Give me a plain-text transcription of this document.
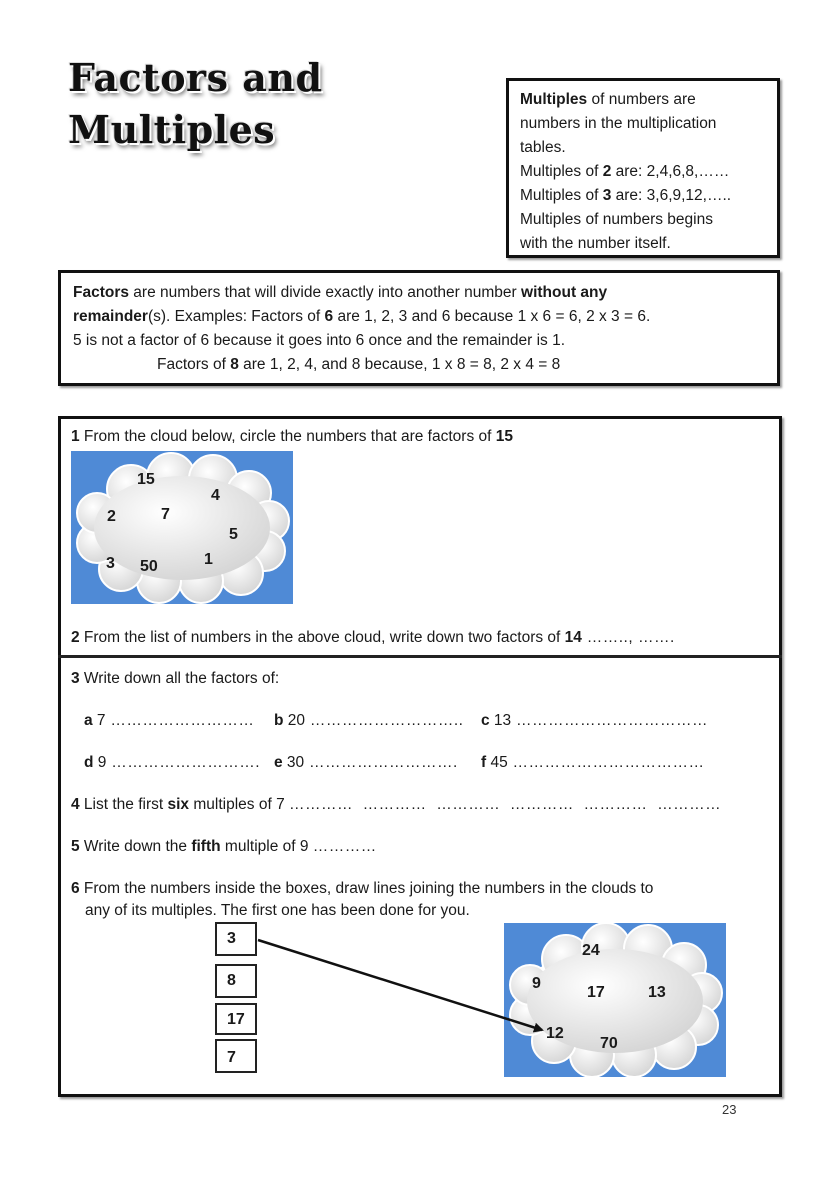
Factors and
Multiples
Multiples of numbers are
numbers in the multiplication
tables.
Multiples of 2 are: 2,4,6,8,……
Multiples of 3 are: 3,6,9,12,…..
Multiples of numbers begins
with the number itself.
Factors are numbers that will divide exactly into another number without any
remainder(s). Examples: Factors of 6 are 1, 2, 3 and 6 because 1 x 6 = 6, 2 x 3 = 6.
5 is not a factor of 6 because it goes into 6 once and the remainder is 1.
Factors of 8 are 1, 2, 4, and 8 because, 1 x 8 = 8, 2 x 4 = 8
1 From the cloud below, circle the numbers that are factors of 15
15
4
2	7
5
3 50	1
2 From the list of numbers in the above cloud, write down two factors of 14 …….., …….
3 Write down all the factors of:
a 7 ……………………… b 20 ……………………….. c 13 ………………………………
d 9 ………………………. e 30 ………………………. f 45 ………………………………
4 List the first six multiples of 7 …………  …………  …………  …………  …………  …………
5 Write down the fifth multiple of 9 …………
6 From the numbers inside the boxes, draw lines joining the numbers in the clouds to
any of its multiples. The first one has been done for you.
3
8
17
7
24
9
17	13
12
70
23
